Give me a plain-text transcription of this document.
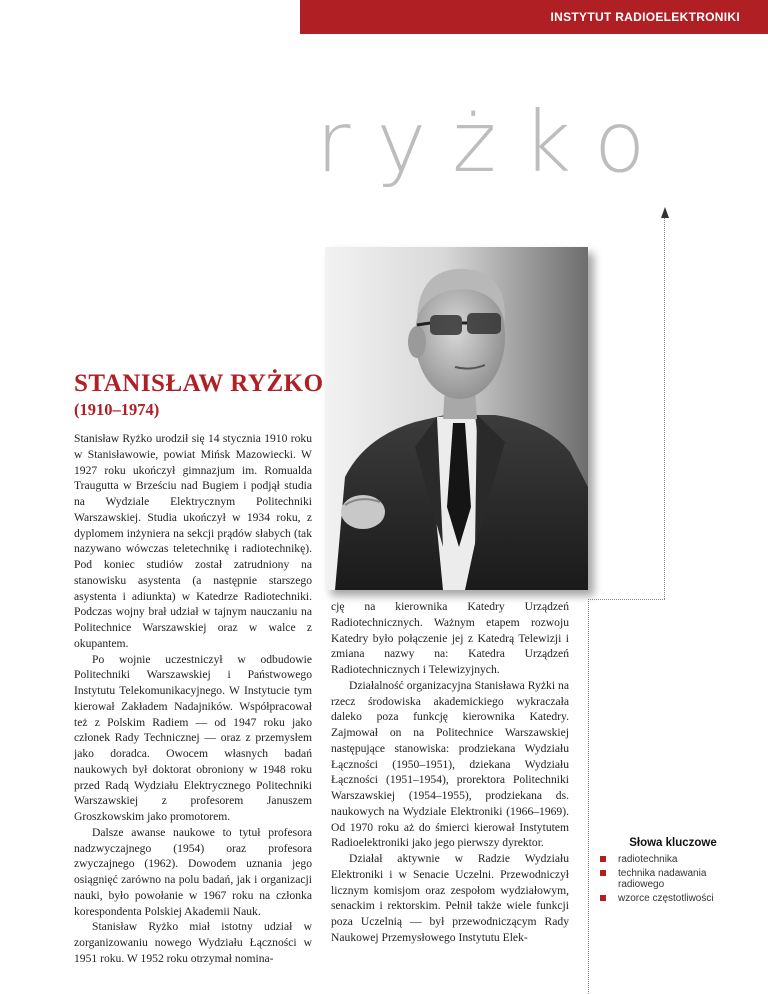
INSTYTUT RADIOELEKTRONIKI
ryżko
STANISŁAW RYŻKO
(1910–1974)

Stanisław Ryżko urodził się 14 stycznia 1910 roku w Stanisławowie, powiat Mińsk Mazowiecki. W 1927 roku ukończył gimnazjum im. Romualda Traugutta w Brześciu nad Bugiem i podjął studia na Wydziale Elektrycznym Politechniki Warszawskiej. Studia ukończył w 1934 roku, z dyplomem inżyniera na sekcji prądów słabych (tak nazywano wówczas teletechnikę i radiotechnikę). Pod koniec studiów został zatrudniony na stanowisku asystenta (a następnie starszego asystenta i adiunkta) w Katedrze Radiotechniki. Podczas wojny brał udział w tajnym nauczaniu na Politechnice Warszawskiej oraz w walce z okupantem.

Po wojnie uczestniczył w odbudowie Politechniki Warszawskiej i Państwowego Instytutu Telekomunikacyjnego. W Instytucie tym kierował Zakładem Nadajników. Współpracował też z Polskim Radiem — od 1947 roku jako członek Rady Technicznej — oraz z przemysłem jako doradca. Owocem własnych badań naukowych był doktorat obroniony w 1948 roku przed Radą Wydziału Elektrycznego Politechniki Warszawskiej z profesorem Januszem Groszkowskim jako promotorem.

Dalsze awanse naukowe to tytuł profesora nadzwyczajnego (1954) oraz profesora zwyczajnego (1962). Dowodem uznania jego osiągnięć zarówno na polu badań, jak i organizacji nauki, było powołanie w 1967 roku na członka korespondenta Polskiej Akademii Nauk.

Stanisław Ryżko miał istotny udział w zorganizowaniu nowego Wydziału Łączności w 1951 roku. W 1952 roku otrzymał nomina-

cję na kierownika Katedry Urządzeń Radiotechnicznych. Ważnym etapem rozwoju Katedry było połączenie jej z Katedrą Telewizji i zmiana nazwy na: Katedra Urządzeń Radiotechnicznych i Telewizyjnych.

Działalność organizacyjna Stanisława Ryżki na rzecz środowiska akademickiego wykraczała daleko poza funkcję kierownika Katedry. Zajmował on na Politechnice Warszawskiej następujące stanowiska: prodziekana Wydziału Łączności (1950–1951), dziekana Wydziału Łączności (1951–1954), prorektora Politechniki Warszawskiej (1954–1955), prodziekana ds. naukowych na Wydziale Elektroniki (1966–1969). Od 1970 roku aż do śmierci kierował Instytutem Radioelektroniki jako jego pierwszy dyrektor.

Działał aktywnie w Radzie Wydziału Elektroniki i w Senacie Uczelni. Przewodniczył licznym komisjom oraz zespołom wydziałowym, senackim i rektorskim. Pełnił także wiele funkcji poza Uczelnią — był przewodniczącym Rady Naukowej Przemysłowego Instytutu Elek-

Słowa kluczowe
radiotechnika
technika nadawania radiowego
wzorce częstotliwości
